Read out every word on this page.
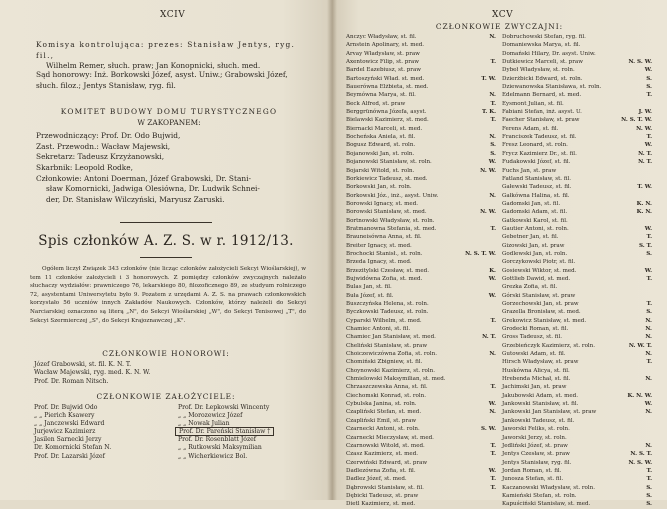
XCIV

Komisya kontrolująca: prezes: Stanisław Jentys, ryg. fil.,

Wilhelm Remer, słuch. praw; Jan Konopnicki, słuch. med.

Sąd honorowy: Inż. Borkowski Józef, asyst. Uniw.; Grabowski Józef, słuch. filoz.; Jentys Stanisław, ryg. fil.

KOMITET BUDOWY DOMU TURYSTYCZNEGO

W ZAKOPANEM:

Przewodniczący: Prof. Dr. Odo Bujwid,

Zast. Przewodn.: Wacław Majewski,

Sekretarz: Tadeusz Krzyżanowski,

Skarbnik: Leopold Rodke,

Członkowie: Antoni Doerman, Józef Grabowski, Dr. Stani-

sław Komornicki, Jadwiga Olesiówna, Dr. Ludwik Schnei-

der, Dr. Stanisław Wilczyński, Maryusz Zaruski.

Spis członków A. Z. S. w r. 1912/13.
Ogółem liczył Związek 343 członków (nie licząc członków założycieli Sekcyi Wioślarskiej), w tem 11 członków założycieli i 3 honorowych. Z pomiędzy członków zwyczajnych należało słuchaczy wydziałów: prawniczego 76, lekarskiego 80, filozoficznego 89, ze studyum rolniczego 72, asystentami Uniwersytetu było 9. Pozatem z urzędami A. Z. S. na prawach członkowskich korzystało 56 uczniów innych Zakładów Naukowych. Członków, którzy należeli do Sekcyi Narciarskiej oznaczono są literą „N", do Sekcyi Wioślarskiej „W", do Sekcyi Tenisowej „T", do Sekcyi Szermierczej „S", do Sekcyi Krajoznawczej „K".
CZŁONKOWIE HONOROWI:
Józef Grabowski, st. fil. K. N. T.
Wacław Majewski, ryg. med. K. N. W.
Prof. Dr. Roman Nitsch.
CZŁONKOWIE ZAŁOŻYCIELE:
Prof. Dr. Bujwid Odo
„ „ Pierich Ksawery
„ „ Janczewski Edward
Jurjewicz Kazimierz
Jasilen Sarnecki Jerzy
Dr. Komornicki Stefan N.
Prof. Dr. Lazarski Józef
Prof. Dr. Łepkowski Wincenty
„ „ Morozewicz Józef
„ „ Nowak Julian
Prof. Dr. Pareński Stanisław †
Prof. Dr. Rosenblatt Józef
„ „ Rutkowski Maksymilian
„ „ Wicherkiewicz Bol.
XCV
CZŁONKOWIE ZWYCZAJNI:
Anczyc Władysław, st. fil.	N.
Arnstein Apolinary, st. med.
Arvay Władysław, st. praw
Axentowicz Filip, st. praw	T.
Bardel Eazebiusz, st. praw
Bartoszyński Wład. st. med.	T. W.
Bauerówna Elżbieta, st. med.
Beymówna Marya, st. fil.	N.
Beck Alfred, st. praw	T.
Berggrünówna Józefa, asyst.	T. K.
Bielawski Kazimierz, st. med.	T.
Biernacki Marceli, st. med.
Bocheńska Aniela, st. fil.	N.
Bogusz Edward, st. roln.	S.
Bojanowski Jan, st. roln.	S.
Bojanowski Stanisław, st. roln.	W.
Bojarski Witold, st. roln.	N. W.
Borkiewicz Tadeusz, st. med.
Borkowski Jan, st. roln.
Borkowski Józ., inż., asyst. Uniw.	N.
Borowski Ignacy, st. med.
Borowski Stanisław, st. med.	N. W.
Bortnowski Władysław, st. roln.
Bratmanowna Stefania, st. med.	T.
Brauneisówna Anna, st. fil.
Breiter Ignacy, st. med.
Brochocki Stanisł., st. roln.	N. S. T. W.
Brzeda Ignacy, st. med.
Brzezitylski Czesław, st. med.	K.
Bujwidówna Zofia, st. med.	W.
Bulas Jan, st. fil.
Buła Józef, st. fil.	W.
Buszczyńska Helena, st. roln.
Byczkowski Tadeusz, st. roln.
Cyparski Wilhelm, st. med.	T.
Chamiec Antoni, st. fil.
Chamiec Jan Stanisław, st. med.	N. T.
Cheliński Stanisław, st. praw
Choiczewiczówna Zofia, st. roln.	N.
Chomiński Zbigniew, st. fil.
Choynowski Kazimierz, st. roln.
Chmielowski Maksymilian, st. med.
Chrzaszczewska Anna, st. fil.	T.
Ciechomski Konrad, st. roln.
Cybulska Janina, st. roln.	W.
Czapliński Stefan, st. med.	N.
Czapliński Emil, st. praw
Czarnecki Antoni, st. roln.	S. W.
Czarnecki Mieczysław, st. med.
Czarnowski Witold, st. med.	T.
Czasz Kazimierz, st. med.	T.
Czerwiński Edward, st. praw
Dadlezówna Zofia, st. fil.	W.
Dadlez Józef, st. med.	T.
Dąbrowski Stanisław, st. fil.	T.
Dębicki Tadeusz, st. praw
Dietl Kazimierz, st. med.
Dobruchowski Stefan, ryg. fil.
Domaniewska Marya, st. fil.
Domański Hilary, Dr. asyst. Uniw.
Dutkiewicz Marceli, st. praw	N. S. W.
Dybeł Władysław, st. roln.	W.
Dzierżbicki Edward, st. roln.	S.
Dziewanowska Stanisława, st. roln.	S.
Edelmann Bernard, st. med.	T.
Eysmont Julian, st. fil.
Fabiani Stefan, inż. asyst. U.	J. W.
Faecher Stanisław, st. praw	N. S. T. W.
Ferens Adam, st. fil.	N. W.
Franciszek Tadeusz, st. fil.	T.
Fresz Leonard, st. roln.	W.
Frycz Kazimierz Dr., st. fil.	N. T.
Fudakowski Józef, st. fil.	N. T.
Fuchs Jan, st. praw
Fatland Stanisław, st. fil.
Gałewski Tadeusz, st. fil.	T. W.
Gałkówna Halina, st. fil.
Gadomski Jan, st. fil.	K. N.
Gadomski Adam, st. fil.	K. N.
Gatkowski Karol, st. fil.
Gautier Antoni, st. roln.	W.
Gebetner Jan, st. fil.	T.
Gizowski Jan, st. praw	S. T.
Godlewski Jan, st. roln.	S.
Gorczykowski Piotr, st. fil.
Gosiewski Wiktor, st. med.	W.
Gottlieb Dawid, st. med.	T.
Grezka Zofia, st. fil.
Górski Stanisław, st. praw
Gorzechowski Jan, st. praw	T.
Grazella Bronisław, st. med.	S.
Grekowicz Stanisław, st. med.	N.
Grodecki Roman, st. fil.	N.
Gross Tadeusz, st. fil.	N.
Grzebieńczyk Kazimierz, st. roln.	N. W. T.
Gutowski Adam, st. fil.	N.
Hirsch Władysław, st. praw	T.
Huskówna Alicya, st. fil.
Hrebenda Michał, st. fil.	N.
Jachimski Jan, st. praw
Jakubowski Adam, st. med.	K. N. W.
Jankowski Stanisław, st. fil.	W.
Jankowski Jan Stanisław, st. praw	N.
Jankowski Tadeusz, st. fil.
Jaworski Feliks, st. roln.
Jaworski Jerzy, st. roln.
Jedliński Józef, st. praw	N.
Jentys Czesław, st. praw	N. S. T.
Jentys Stanisław, ryg. fil.	N. S. W.
Jordan Roman, st. fil.	T.
Junosza Stefan, st. fil.	T.
Kaczanowski Władysław, st. roln.	S.
Kamieński Stefan, st. roln.	S.
Kapuściński Stanisław, st. med.	S.
